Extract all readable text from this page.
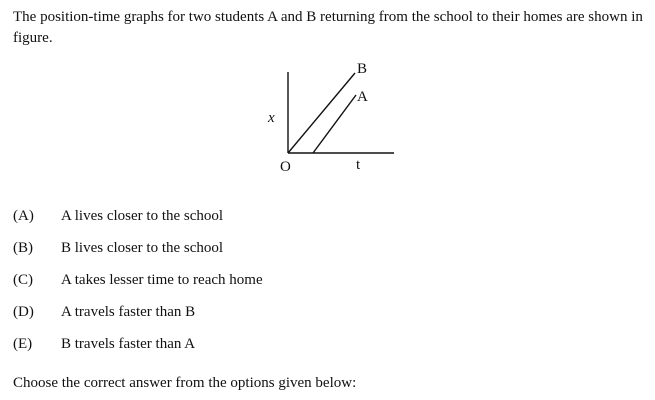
The position-time graphs for two students A and B returning from the school to their homes are shown in figure.

x
t
O
B
A
(A)	A lives closer to the school
(B)	B lives closer to the school
(C)	A takes lesser time to reach home
(D)	A travels faster than B
(E)	B travels faster than A

Choose the correct answer from the options given below:
